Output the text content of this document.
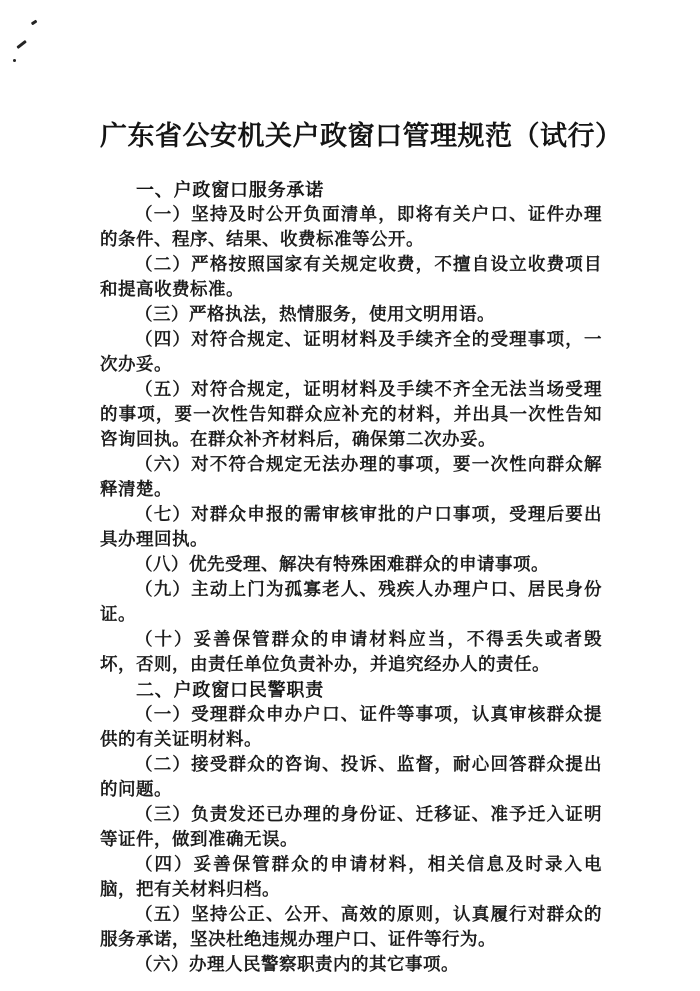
广东省公安机关户政窗口管理规范（试行）
一、户政窗口服务承诺

（一）坚持及时公开负面清单，即将有关户口、证件办理的条件、程序、结果、收费标准等公开。

（二）严格按照国家有关规定收费，不擅自设立收费项目和提高收费标准。

（三）严格执法，热情服务，使用文明用语。

（四）对符合规定、证明材料及手续齐全的受理事项，一次办妥。

（五）对符合规定，证明材料及手续不齐全无法当场受理的事项，要一次性告知群众应补充的材料，并出具一次性告知咨询回执。在群众补齐材料后，确保第二次办妥。

（六）对不符合规定无法办理的事项，要一次性向群众解释清楚。

（七）对群众申报的需审核审批的户口事项，受理后要出具办理回执。

（八）优先受理、解决有特殊困难群众的申请事项。

（九）主动上门为孤寡老人、残疾人办理户口、居民身份证。

（十）妥善保管群众的申请材料应当，不得丢失或者毁坏，否则，由责任单位负责补办，并追究经办人的责任。

二、户政窗口民警职责

（一）受理群众申办户口、证件等事项，认真审核群众提供的有关证明材料。

（二）接受群众的咨询、投诉、监督，耐心回答群众提出的问题。

（三）负责发还已办理的身份证、迁移证、准予迁入证明等证件，做到准确无误。

（四）妥善保管群众的申请材料，相关信息及时录入电脑，把有关材料归档。

（五）坚持公正、公开、高效的原则，认真履行对群众的服务承诺，坚决杜绝违规办理户口、证件等行为。

（六）办理人民警察职责内的其它事项。
